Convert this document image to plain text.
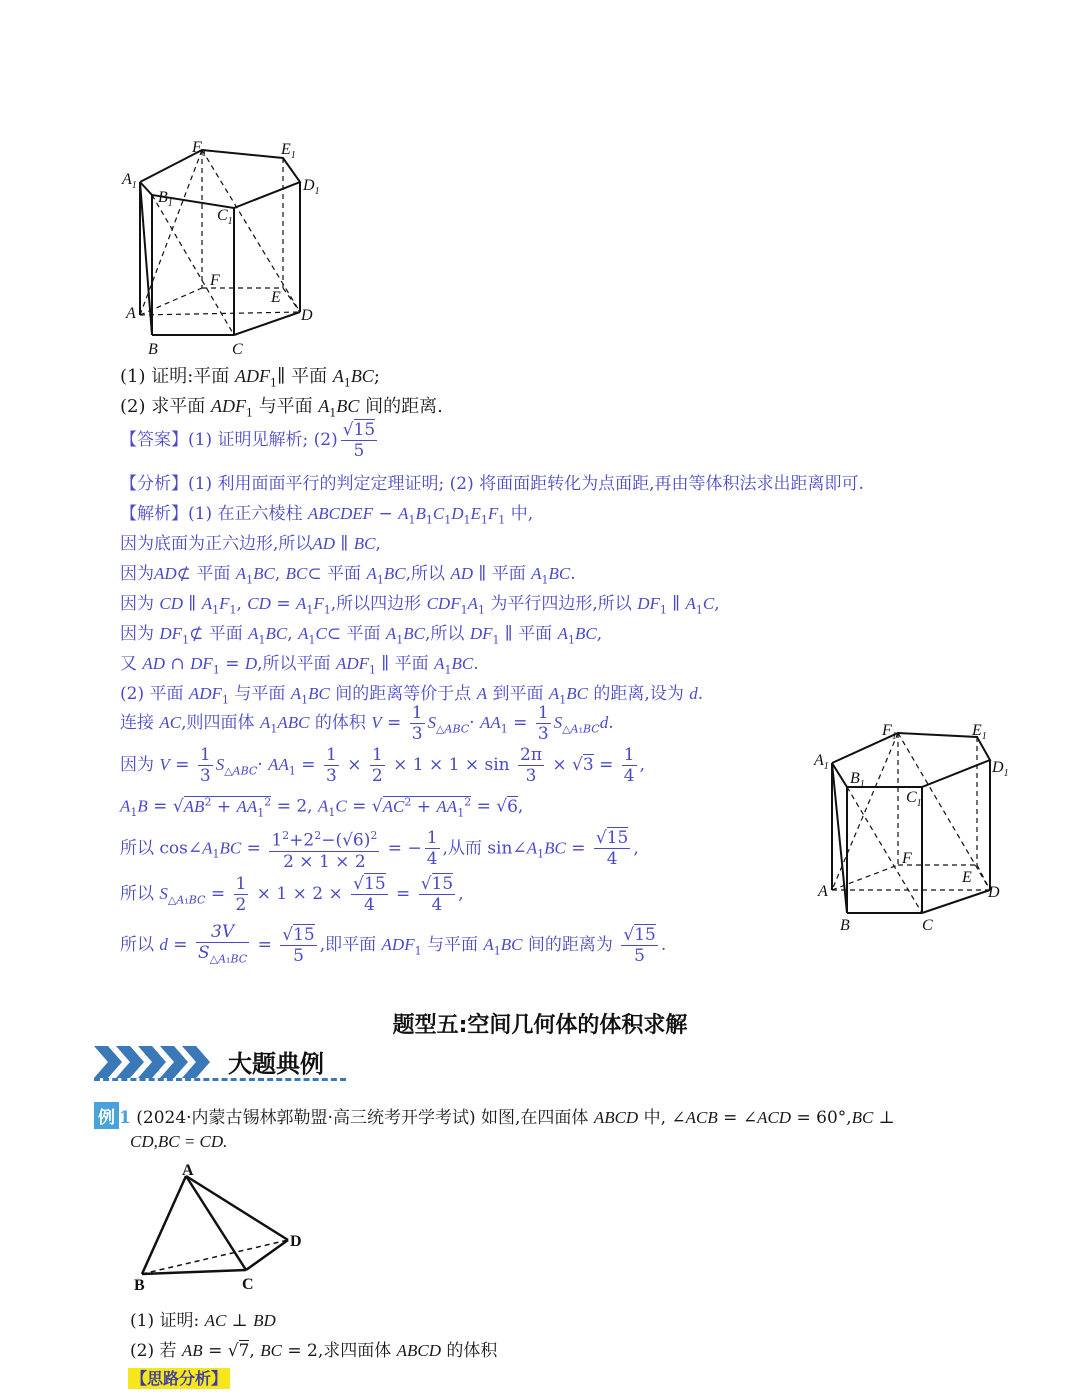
$A_1$
$F_1$	$E_1$
$D_1$
$B_1$
$C_1$
F
E
A	D
B	C
(1) 证明:平面 $ADF_1\parallel$ 平面 $A_1BC$;
(2) 求平面 $ADF_1$ 与平面 $A_1BC$ 间的距离.
【答案】(1) 证明见解析; $(2) \frac{√15}{5}$
【分析】(1) 利用面面平行的判定定理证明; (2) 将面面距转化为点面距,再由等体积法求出距离即可.
【解析】(1) 在正六棱柱 ABCDEF − $A_1B_1C_1D_1E_1F_1$ 中,
因为底面为正六边形,所以AD ∥ BC,
因为AD⊄ 平面 $A_1BC$, BC⊂ 平面 $A_1BC$,所以 AD ∥ 平面 $A_1BC$.
因为 CD ∥ $A_1F_1$, CD = $A_1F_1$,所以四边形 $CDF_1A_1$ 为平行四边形,所以 $DF_1$ ∥ $A_1C$,
因为 $DF_1⊄$ 平面 $A_1BC$, $A_1C\subset$ 平面 $A_1BC$,所以 $DF_1$ ∥ 平面 $A_1BC$,
又 AD ∩ $DF_1 = D$,所以平面 $ADF_1$ ∥ 平面 $A_1BC$.
(2) 平面 $ADF_1$ 与平面 $A_1BC$ 间的距离等价于点 A 到平面 $A_1BC$ 的距离,设为 d.
连接 AC,则四面体 $A_1ABC$ 的体积 $V = \frac{1}{3} S_{\triangle ABC}\cdot AA_1 = \frac{1}{3} S_{\triangle A_1BC}d$.
因为 $V = \frac{1}{3} S_{\triangle ABC}\cdot AA_1 = \frac{1}{3} \times \frac{1}{2} \times 1 \times 1 \times \sin \frac{2\pi}{3} \times √3 = \frac{1}{4}$ ,
$A_1B = √AB^2 + AA_1^2 = 2$, $A_1C = √AC^2 + AA_1^2 = √6$,
所以 $\cos\angle A_1BC = \frac{1^2+2^2-(√6)^2}{2 \times 1 \times 2}$ = − $\frac{1}{4}$ ,从而 $\sin\angle A_1BC = \frac{√15}{4}$ ,
所以 $S_{\triangle A_1BC} = \frac{1}{2} \times 1 \times 2 \times \frac{√15}{4} = \frac{√15}{4}$ ,
所以 $d = \frac{3V}{S_{\triangle A_1BC}} = \frac{√15}{5}$ ,即平面 $ADF_1$ 与平面 $A_1BC$ 间的距离为 $\frac{√15}{5}$ .
$A_1$
$F_1$	$E_1$
$D_1$
$B_1$
$C_1$
F
E
A	D
B	C
题型五:空间几何体的体积求解
大题典例
例 1 (2024·内蒙古锡林郭勒盟·高三统考开学考试) 如图,在四面体 ABCD 中, ∠ACB = ∠ACD = 60°,BC ⊥
CD,BC = CD.
A
D
B	C
(1) 证明: AC ⊥ BD
(2) 若 AB = √7, BC = 2,求四面体 ABCD 的体积
【思路分析】
